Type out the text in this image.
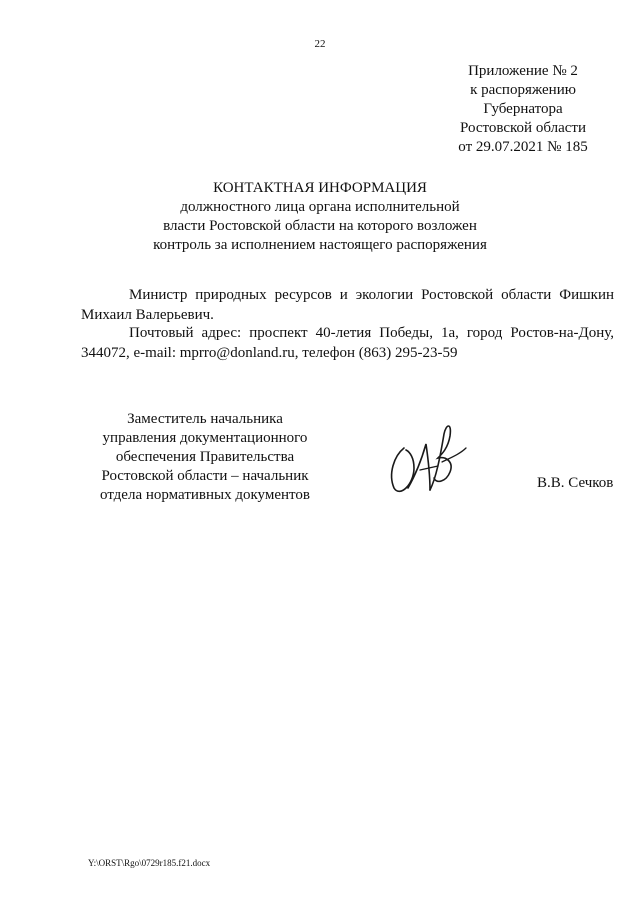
22
Приложение № 2
к распоряжению
Губернатора
Ростовской области
от 29.07.2021 № 185
КОНТАКТНАЯ ИНФОРМАЦИЯ
должностного лица органа исполнительной
власти Ростовской области на которого возложен
контроль за исполнением настоящего распоряжения
Министр природных ресурсов и экологии Ростовской области Фишкин
Михаил Валерьевич.
Почтовый адрес: проспект 40-летия Победы, 1а, город Ростов-на-Дону,
344072, e-mail: mprro@donland.ru, телефон (863) 295-23-59
Заместитель начальника
управления документационного
обеспечения Правительства
Ростовской области – начальник
отдела нормативных документов
В.В. Сечков
Y:\ORST\Rgo\0729r185.f21.docx
